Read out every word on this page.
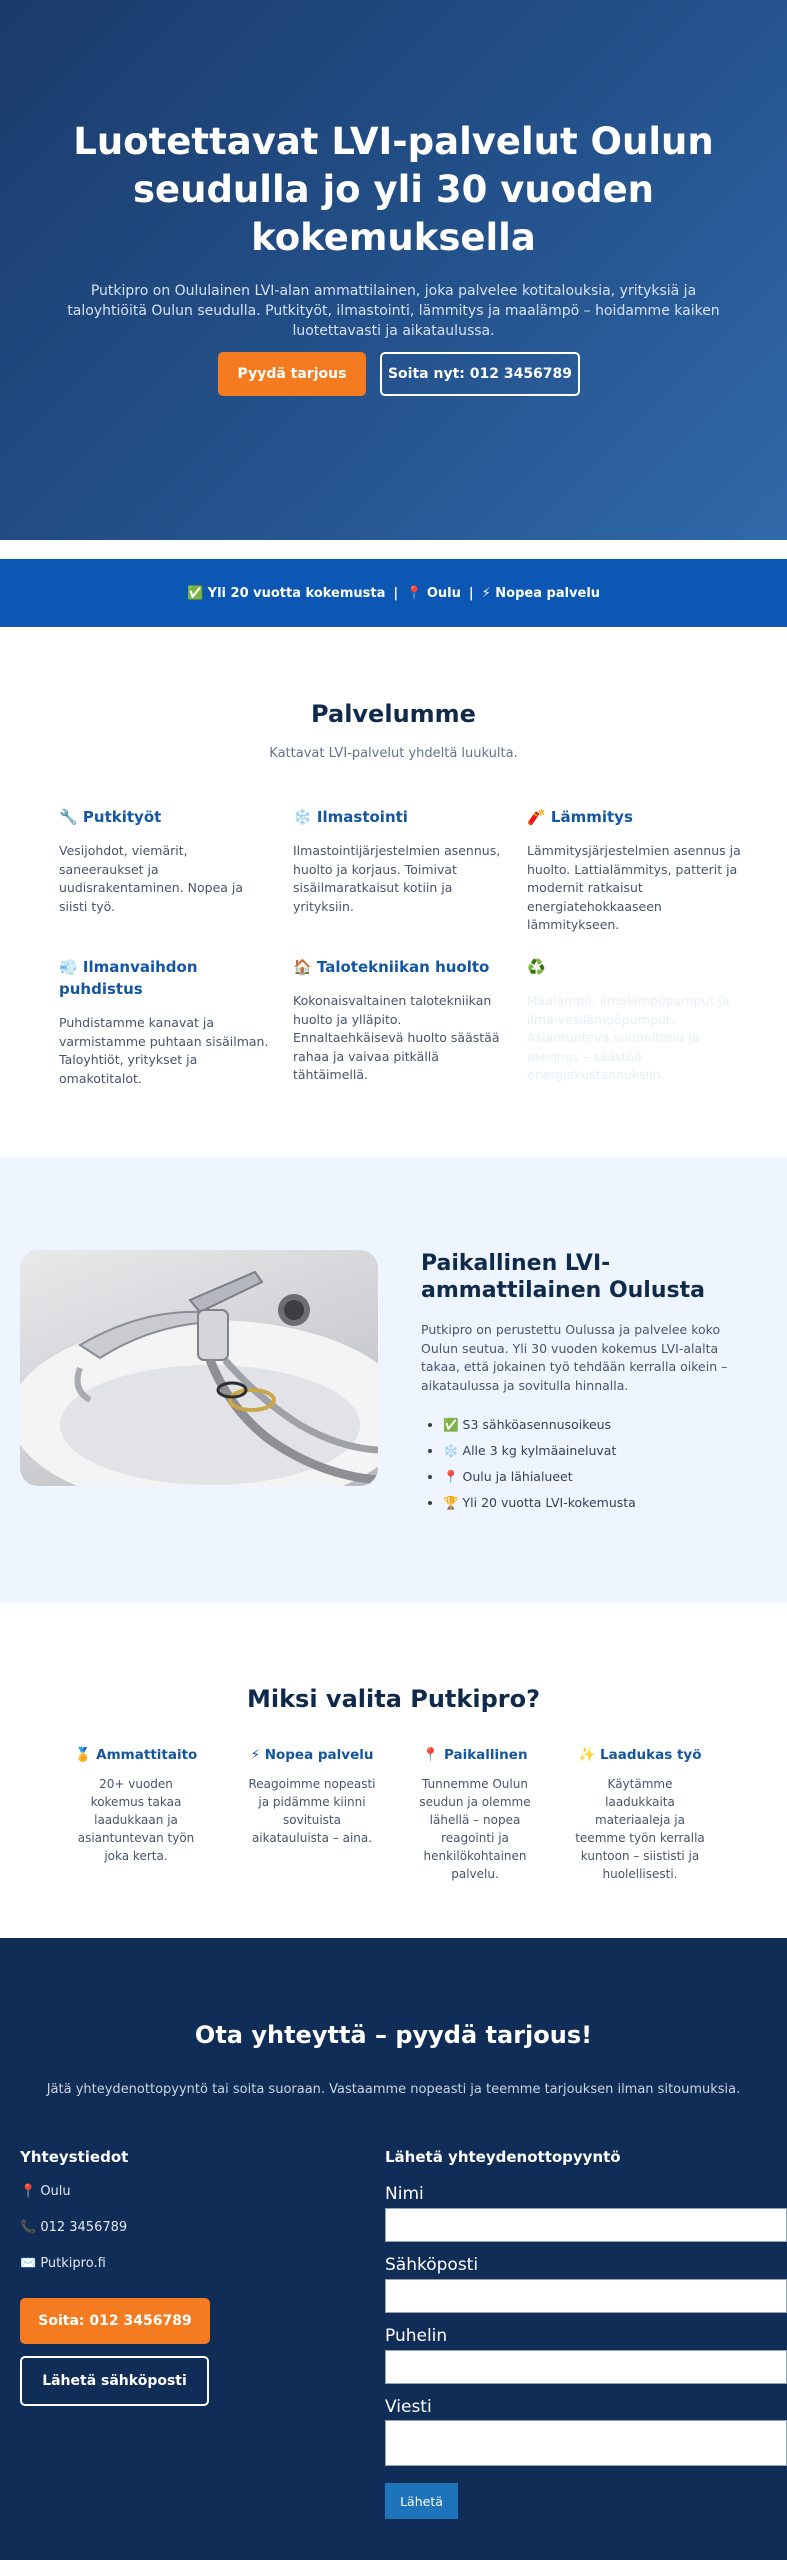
Luotettavat LVI-palvelut Oulun seudulla jo yli 30 vuoden kokemuksella

Putkipro on Oululainen LVI-alan ammattilainen, joka palvelee kotitalouksia, yrityksiä ja taloyhtiöitä Oulun seudulla. Putkityöt, ilmastointi, lämmitys ja maalämpö – hoidamme kaiken luotettavasti ja aikataulussa.

Pyydä tarjous	Soita nyt: 012 3456789
✅ Yli 20 vuotta kokemusta | 📍 Oulu | ⚡ Nopea palvelu
Palvelumme

Kattavat LVI-palvelut yhdeltä luukulta.

🔧 Putkityöt

Vesijohdot, viemärit, saneeraukset ja uudisrakentaminen. Nopea ja siisti työ.

❄️ Ilmastointi

Ilmastointijärjestelmien asennus, huolto ja korjaus. Toimivat sisäilmaratkaisut kotiin ja yrityksiin.

🧨 Lämmitys

Lämmitysjärjestelmien asennus ja huolto. Lattialämmitys, patterit ja modernit ratkaisut energiatehokkaaseen lämmitykseen.

💨 Ilmanvaihdon puhdistus

Puhdistamme kanavat ja varmistamme puhtaan sisäilman. Taloyhtiöt, yritykset ja omakotitalot.

🏠 Talotekniikan huolto

Kokonaisvaltainen talotekniikan huolto ja ylläpito. Ennaltaehkäisevä huolto säästää rahaa ja vaivaa pitkällä tähtäimellä.

♻️

Maalämpö, ilmalämpöpumput ja ilma-vesilämpöpumput. Asiantunteva suunnittelu ja asennus – säästöä energiakustannuksiin.

Paikallinen LVI-ammattilainen Oulusta

Putkipro on perustettu Oulussa ja palvelee koko Oulun seutua. Yli 30 vuoden kokemus LVI-alalta takaa, että jokainen työ tehdään kerralla oikein – aikataulussa ja sovitulla hinnalla.

• ✅ S3 sähköasennusoikeus
• ❄️ Alle 3 kg kylmäaineluvat
• 📍 Oulu ja lähialueet
• 🏆 Yli 20 vuotta LVI-kokemusta
Miksi valita Putkipro?
🏅 Ammattitaito

20+ vuoden kokemus takaa laadukkaan ja asiantuntevan työn joka kerta.

⚡ Nopea palvelu

Reagoimme nopeasti ja pidämme kiinni sovituista aikatauluista – aina.

📍 Paikallinen

Tunnemme Oulun seudun ja olemme lähellä – nopea reagointi ja henkilökohtainen palvelu.

✨ Laadukas työ

Käytämme laadukkaita materiaaleja ja teemme työn kerralla kuntoon – siististi ja huolellisesti.

Ota yhteyttä – pyydä tarjous!

Jätä yhteydenottopyyntö tai soita suoraan. Vastaamme nopeasti ja teemme tarjouksen ilman sitoumuksia.

Yhteystiedot
📍 Oulu
📞 012 3456789
✉️ Putkipro.fi
Soita: 012 3456789
Lähetä sähköposti
Lähetä yhteydenottopyyntö
Nimi
Sähköposti
Puhelin
Viesti
Lähetä
